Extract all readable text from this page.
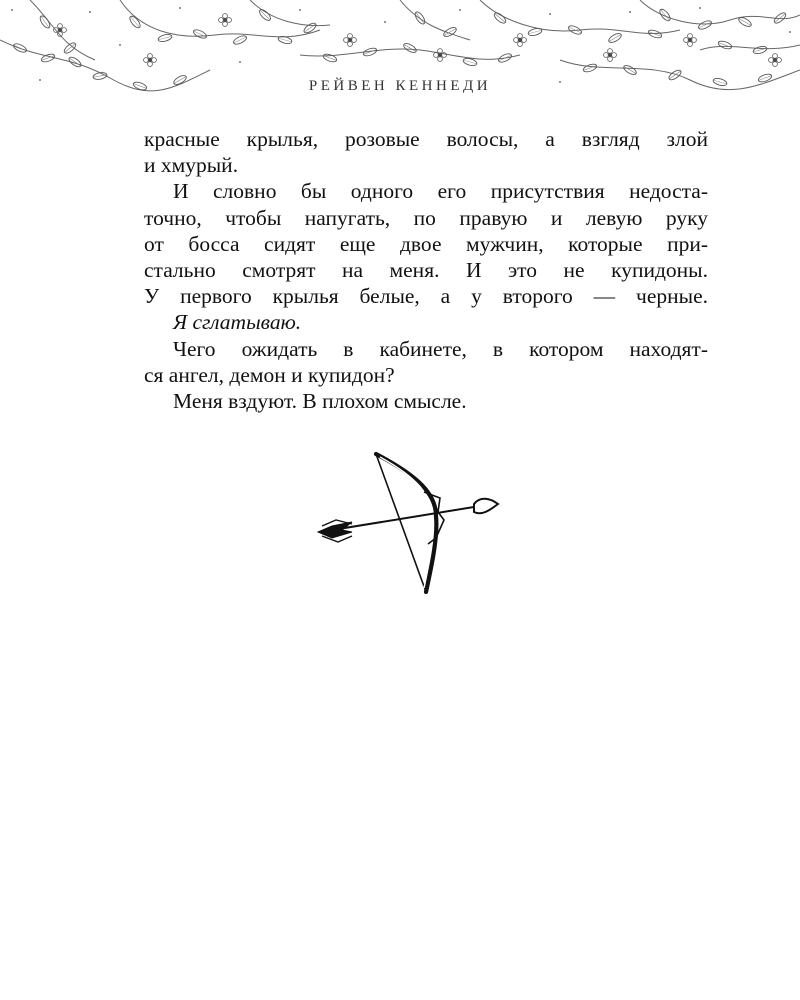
РЕЙВЕН КЕННЕДИ
красные крылья, розовые волосы, а взгляд злой
и хмурый.
И словно бы одного его присутствия недоста-
точно, чтобы напугать, по правую и левую руку
от босса сидят еще двое мужчин, которые при-
стально смотрят на меня. И это не купидоны.
У первого крылья белые, а у второго — черные.
Я сглатываю.
Чего ожидать в кабинете, в котором находят-
ся ангел, демон и купидон?
Меня вздуют. В плохом смысле.
